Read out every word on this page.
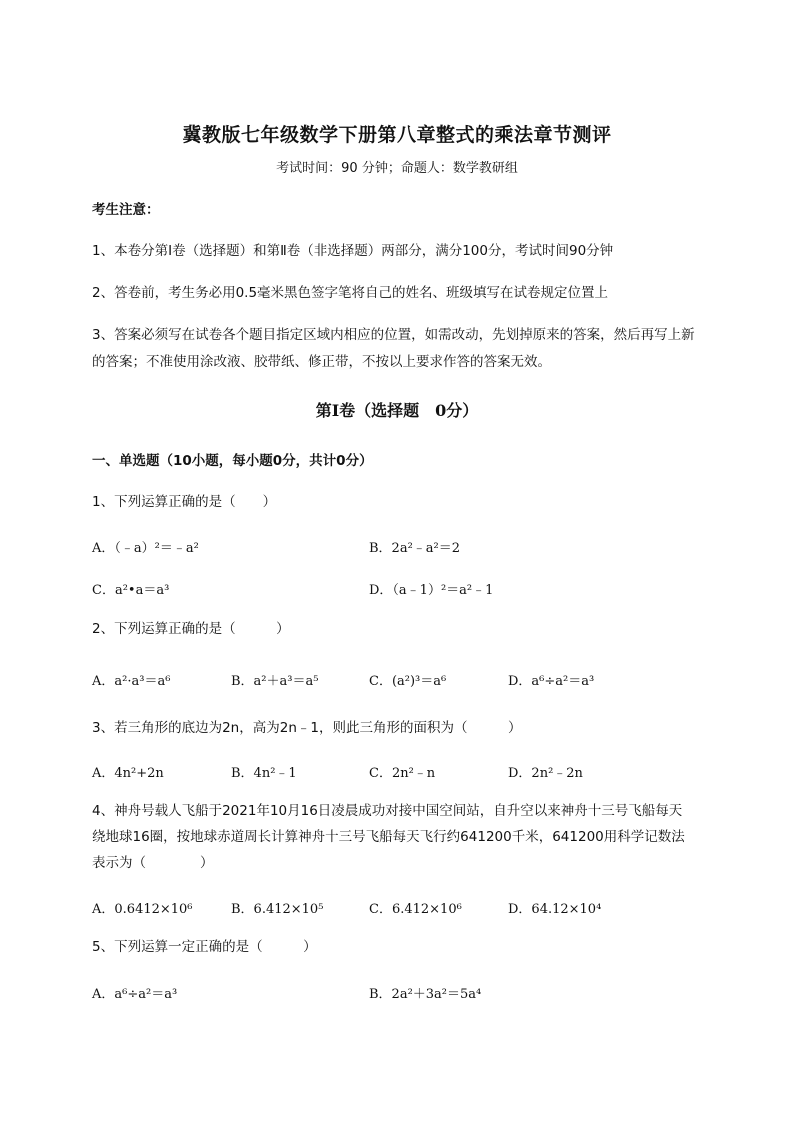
冀教版七年级数学下册第八章整式的乘法章节测评
考试时间：90 分钟；命题人：数学教研组
考生注意：
1、本卷分第Ⅰ卷（选择题）和第Ⅱ卷（非选择题）两部分，满分100分，考试时间90分钟
2、答卷前，考生务必用0.5毫米黑色签字笔将自己的姓名、班级填写在试卷规定位置上
3、答案必须写在试卷各个题目指定区域内相应的位置，如需改动，先划掉原来的答案，然后再写上新
的答案；不准使用涂改液、胶带纸、修正带，不按以上要求作答的答案无效。
第Ⅰ卷（选择题　0分）
一、单选题（10小题，每小题0分，共计0分）
1、下列运算正确的是（　　）
A．（﹣a）²＝﹣a²	B．2a²﹣a²＝2
C．a²•a＝a³	D．（a﹣1）²＝a²﹣1
2、下列运算正确的是（　　　）
A．a²·a³＝a⁶	B．a²＋a³＝a⁵	C．(a²)³＝a⁶	D．a⁶÷a²＝a³
3、若三角形的底边为2n，高为2n﹣1，则此三角形的面积为（　　　）
A．4n²+2n	B．4n²﹣1	C．2n²﹣n	D．2n²﹣2n
4、神舟号载人飞船于2021年10月16日凌晨成功对接中国空间站，自升空以来神舟十三号飞船每天
绕地球16圈，按地球赤道周长计算神舟十三号飞船每天飞行约641200千米，641200用科学记数法
表示为（　　　　）
A．0.6412×10⁶	B．6.412×10⁵	C．6.412×10⁶	D．64.12×10⁴
5、下列运算一定正确的是（　　　）
A．a⁶÷a²＝a³	B．2a²＋3a²＝5a⁴
